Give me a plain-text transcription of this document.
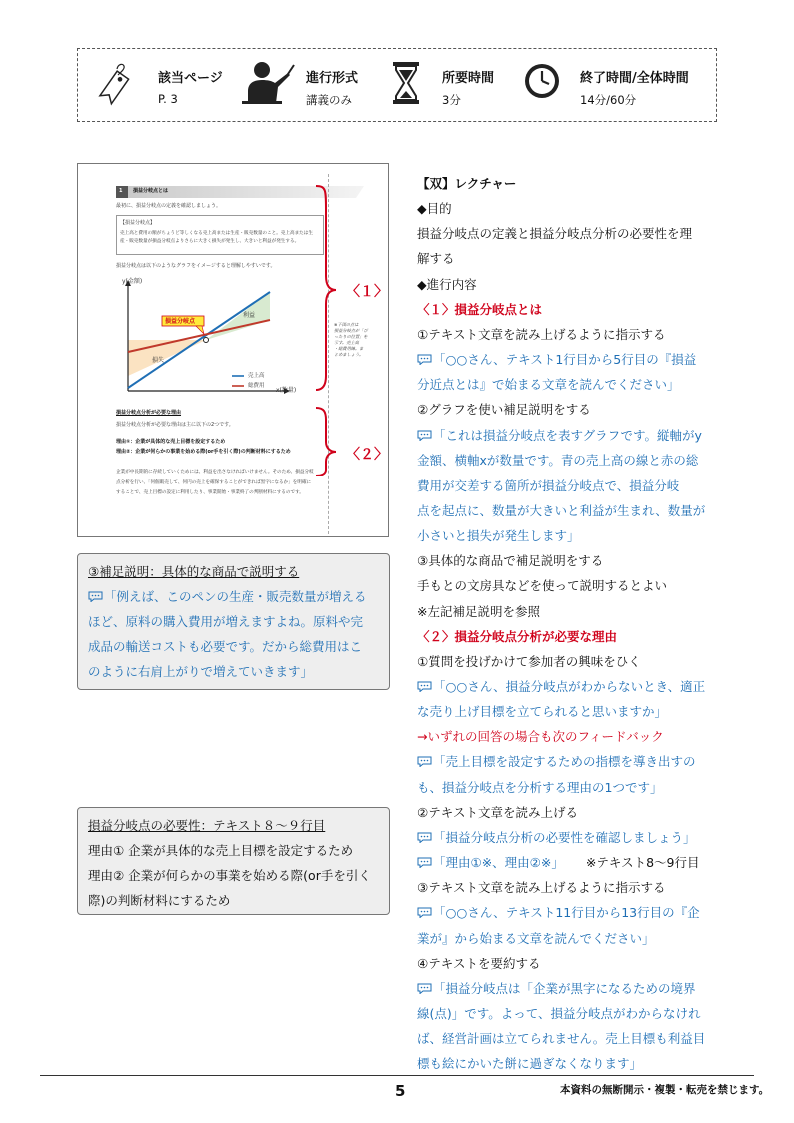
該当ページ
P. 3
進行形式
講義のみ
所要時間
3分
終了時間/全体時間
14分/60分
1 損益分岐点とは
最初に、損益分岐点の定義を確認しましょう。
【損益分岐点】
売上高と費用の額がちょうど等しくなる売上高または生産・販売数量のこと。売上高または生
産・販売数量が損益分岐点よりさらに大きく損失が発生し、大きいと利益が発生する。
損益分岐点は以下のようなグラフをイメージすると理解しやすいです。
y(金額)
x(数量)
損益分岐点
利益
損失
売上高
総費用
※下図の点は
損益分岐点が「ぴ
ったりの位置」を
示す。売上高
・総費用線。ま
とめましょう。
損益分岐点分析が必要な理由
損益分岐点分析が必要な理由は主に以下の2つです。
理由①：企業が具体的な売上目標を設定するため
理由②：企業が何らかの事業を始める際(or手を引く際)の判断材料にするため
企業が中長期的に存続していくためには、利益を出さなければいけません。そのため、損益分岐
点分析を行い、「何個販売して、何円の売上を確保することができれば黒字になるか」を明確に
することで、売上目標の設定に利用したり、事業開始・事業終了の判断材料にするのです。
〈１〉
〈２〉
③補足説明：具体的な商品で説明する
「例えば、このペンの生産・販売数量が増える
ほど、原料の購入費用が増えますよね。原料や完
成品の輸送コストも必要です。だから総費用はこ
のように右肩上がりで増えていきます」
損益分岐点の必要性：テキスト８～９行目
理由① 企業が具体的な売上目標を設定するため
理由② 企業が何らかの事業を始める際(or手を引く
際)の判断材料にするため
【双】レクチャー
◆目的
損益分岐点の定義と損益分岐点分析の必要性を理
解する
◆進行内容
〈１〉損益分岐点とは
①テキスト文章を読み上げるように指示する
「○○さん、テキスト1行目から5行目の『損益
分近点とは』で始まる文章を読んでください」
②グラフを使い補足説明をする
「これは損益分岐点を表すグラフです。縦軸がy
金額、横軸xが数量です。青の売上高の線と赤の総
費用が交差する箇所が損益分岐点で、損益分岐
点を起点に、数量が大きいと利益が生まれ、数量が
小さいと損失が発生します」
③具体的な商品で補足説明をする
手もとの文房具などを使って説明するとよい
※左記補足説明を参照
〈２〉損益分岐点分析が必要な理由
①質問を投げかけて参加者の興味をひく
「○○さん、損益分岐点がわからないとき、適正
な売り上げ目標を立てられると思いますか」
→いずれの回答の場合も次のフィードバック
「売上目標を設定するための指標を導き出すの
も、損益分岐点を分析する理由の1つです」
②テキスト文章を読み上げる
「損益分岐点分析の必要性を確認しましょう」
「理由①※、理由②※」 ※テキスト8～9行目
③テキスト文章を読み上げるように指示する
「○○さん、テキスト11行目から13行目の『企
業が』から始まる文章を読んでください」
④テキストを要約する
「損益分岐点は「企業が黒字になるための境界
線(点)」です。よって、損益分岐点がわからなけれ
ば、経営計画は立てられません。売上目標も利益目
標も絵にかいた餅に過ぎなくなります」
5	本資料の無断開示・複製・転売を禁じます。
